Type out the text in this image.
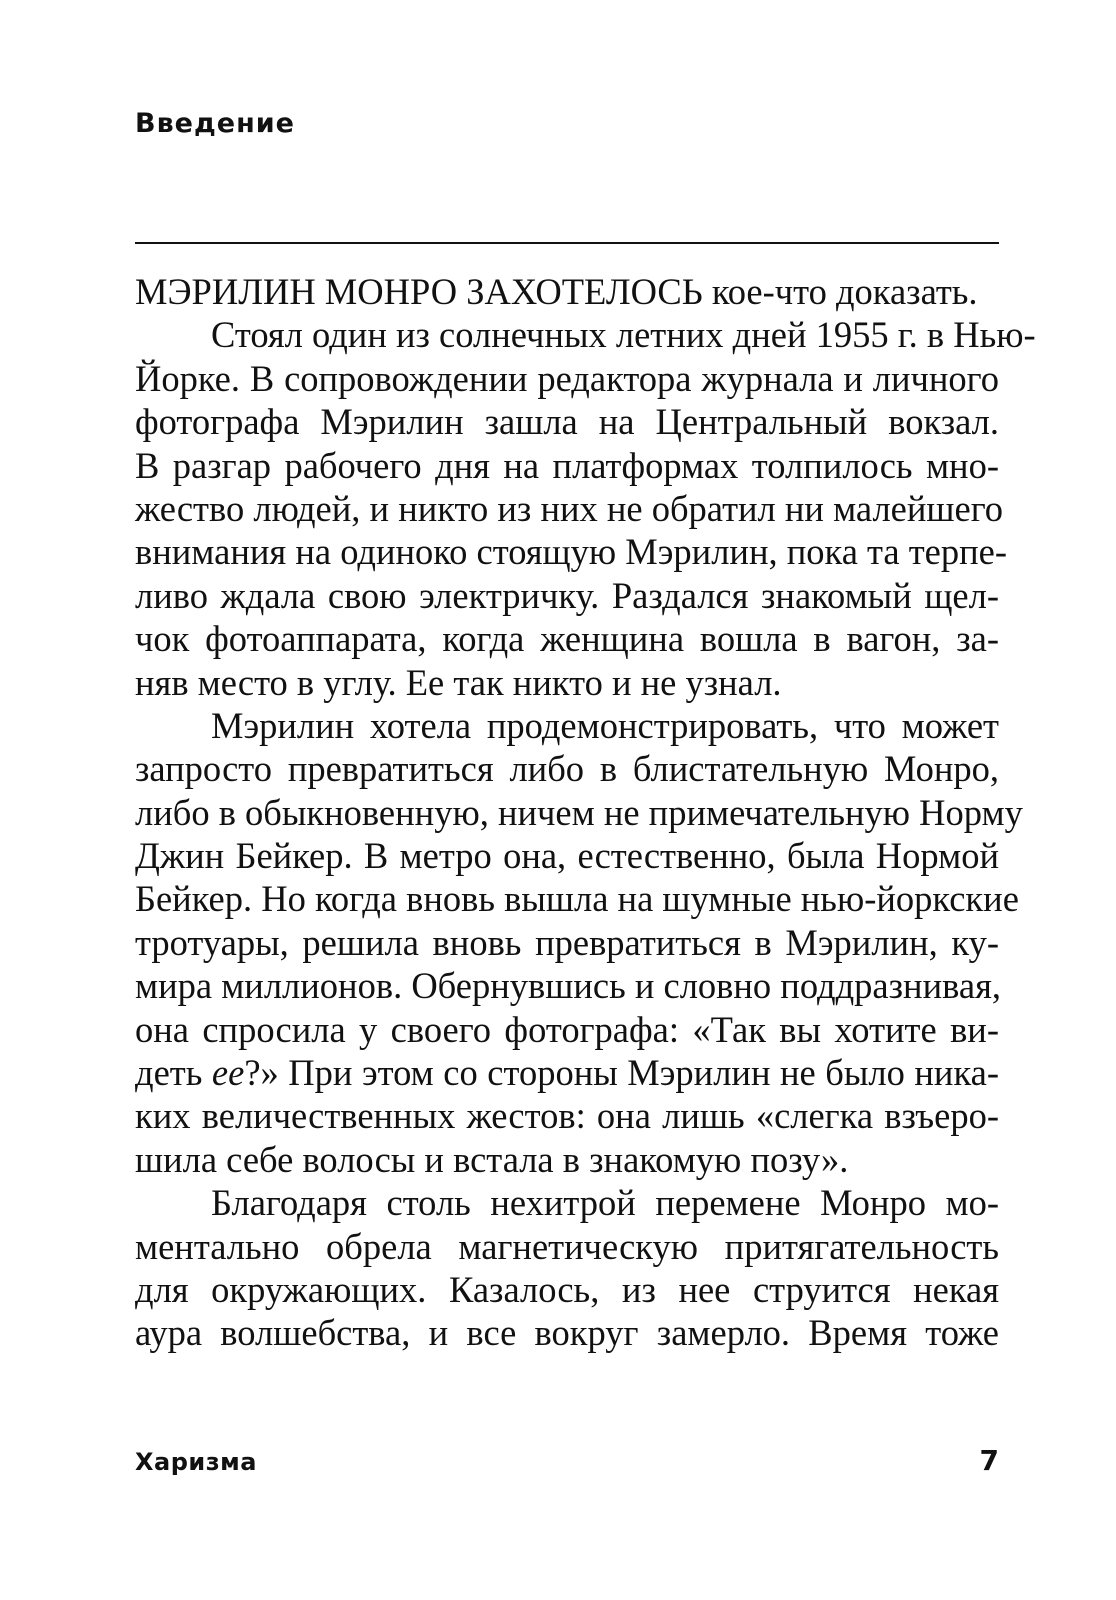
Введение
МЭРИЛИН МОНРО ЗАХОТЕЛОСЬ кое-что доказать.
Стоял один из солнечных летних дней 1955 г. в Нью-
Йорке. В сопровождении редактора журнала и личного
фотографа Мэрилин зашла на Центральный вокзал.
В разгар рабочего дня на платформах толпилось мно-
жество людей, и никто из них не обратил ни малейшего
внимания на одиноко стоящую Мэрилин, пока та терпе-
ливо ждала свою электричку. Раздался знакомый щел-
чок фотоаппарата, когда женщина вошла в вагон, за-
няв место в углу. Ее так никто и не узнал.
Мэрилин хотела продемонстрировать, что может
запросто превратиться либо в блистательную Монро,
либо в обыкновенную, ничем не примечательную Норму
Джин Бейкер. В метро она, естественно, была Нормой
Бейкер. Но когда вновь вышла на шумные нью-йоркские
тротуары, решила вновь превратиться в Мэрилин, ку-
мира миллионов. Обернувшись и словно поддразнивая,
она спросила у своего фотографа: «Так вы хотите ви-
деть ее?» При этом со стороны Мэрилин не было ника-
ких величественных жестов: она лишь «слегка взъеро-
шила себе волосы и встала в знакомую позу».
Благодаря столь нехитрой перемене Монро мо-
ментально обрела магнетическую притягательность
для окружающих. Казалось, из нее струится некая
аура волшебства, и все вокруг замерло. Время тоже
Харизма	7
